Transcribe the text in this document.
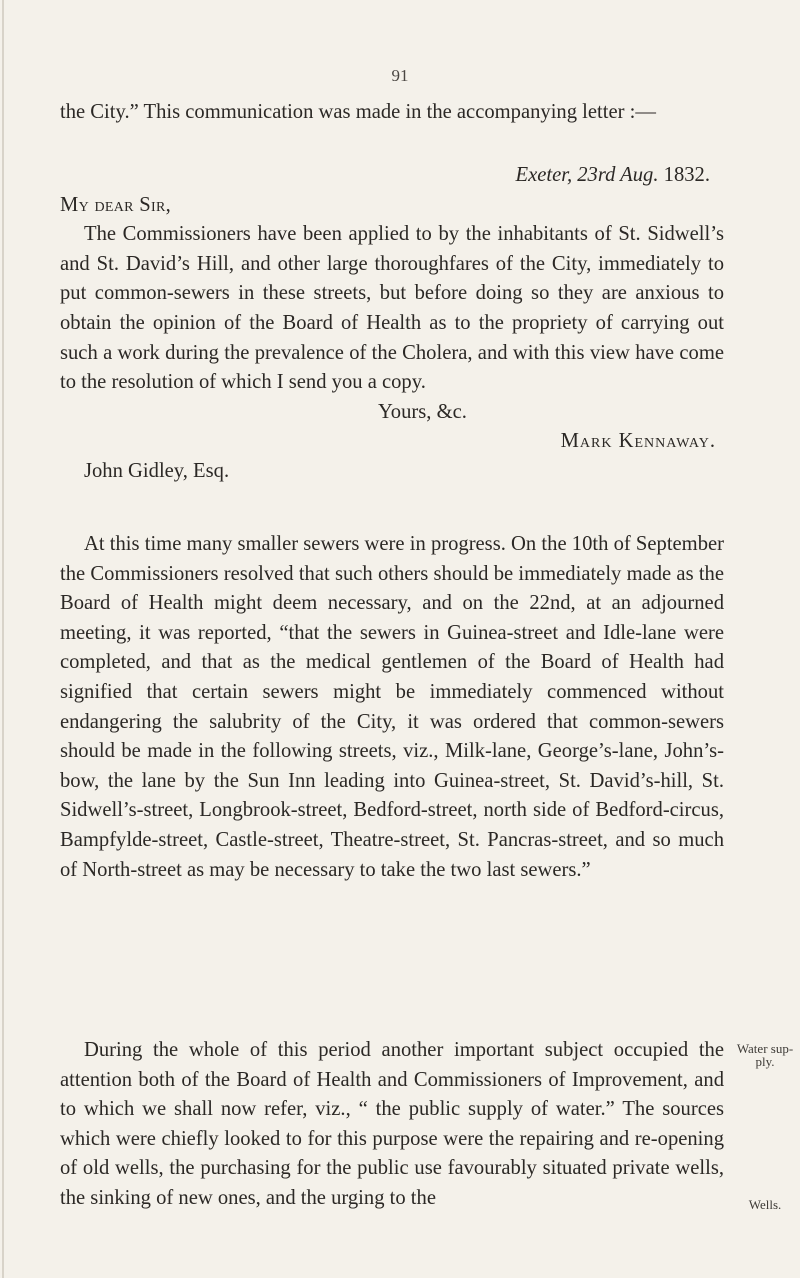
91

the City.” This communication was made in the accompanying letter :—

Exeter, 23rd Aug. 1832.

My dear Sir,

The Commissioners have been applied to by the inhabitants of St. Sidwell’s and St. David’s Hill, and other large thoroughfares of the City, immediately to put common-sewers in these streets, but before doing so they are anxious to obtain the opinion of the Board of Health as to the propriety of carrying out such a work during the prevalence of the Cholera, and with this view have come to the resolution of which I send you a copy.

Yours, &c.

Mark Kennaway.

John Gidley, Esq.

At this time many smaller sewers were in progress. On the 10th of September the Commissioners resolved that such others should be immediately made as the Board of Health might deem necessary, and on the 22nd, at an adjourned meeting, it was reported, “that the sewers in Guinea-street and Idle-lane were completed, and that as the medical gentlemen of the Board of Health had signified that certain sewers might be immediately commenced without endangering the salubrity of the City, it was ordered that common-sewers should be made in the following streets, viz., Milk-lane, George’s-lane, John’s-bow, the lane by the Sun Inn leading into Guinea-street, St. David’s-hill, St. Sidwell’s-street, Longbrook-street, Bedford-street, north side of Bedford-circus, Bampfylde-street, Castle-street, Theatre-street, St. Pancras-street, and so much of North-street as may be necessary to take the two last sewers.”

During the whole of this period another important subject occupied the attention both of the Board of Health and Commissioners of Improvement, and to which we shall now refer, viz., “ the public supply of water.” The sources which were chiefly looked to for this purpose were the repairing and re-opening of old wells, the purchasing for the public use favourably situated private wells, the sinking of new ones, and the urging to the

Water sup-ply.
Wells.
